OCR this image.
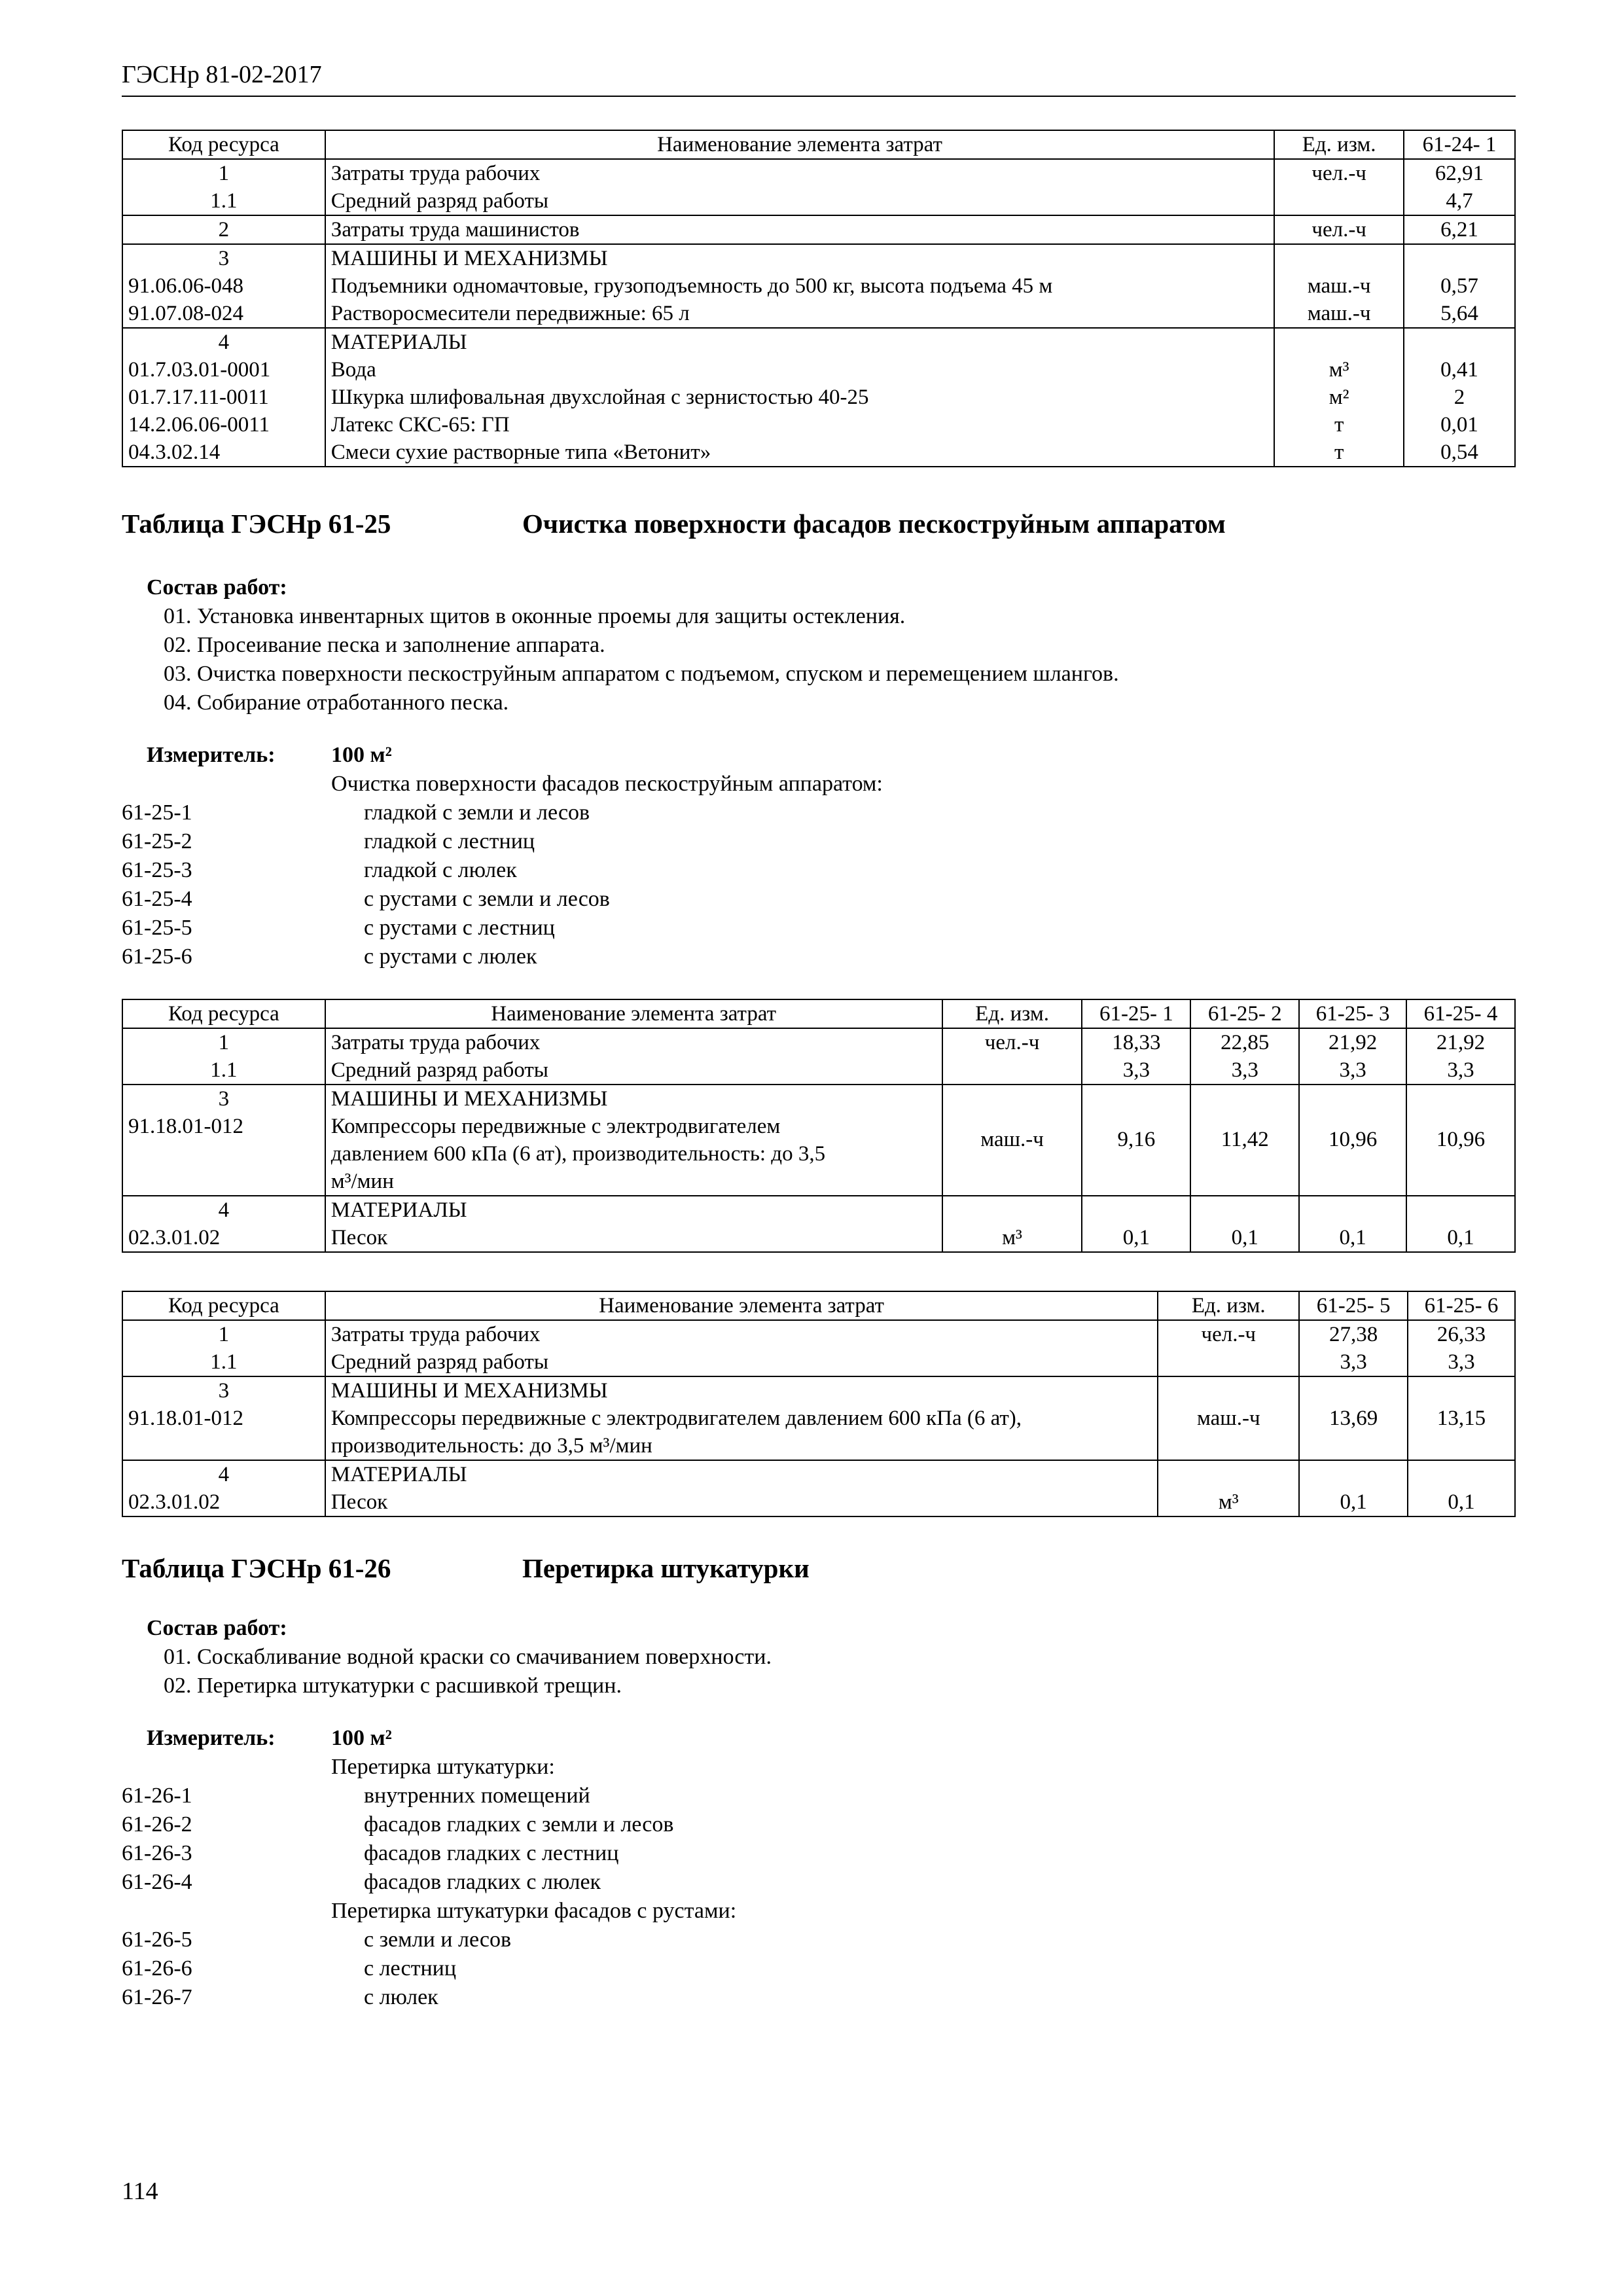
ГЭСНр 81-02-2017
Код ресурса	Наименование элемента затрат	Ед. изм.	61-24- 1
1	Затраты труда рабочих	чел.-ч	62,91
1.1	Средний разряд работы		4,7
2	Затраты труда машинистов	чел.-ч	6,21
3	МАШИНЫ И МЕХАНИЗМЫ		
91.06.06-048	Подъемники одномачтовые, грузоподъемность до 500 кг, высота подъема 45 м	маш.-ч	0,57
91.07.08-024	Растворосмесители передвижные: 65 л	маш.-ч	5,64
4	МАТЕРИАЛЫ		
01.7.03.01-0001	Вода	м³	0,41
01.7.17.11-0011	Шкурка шлифовальная двухслойная с зернистостью 40-25	м²	2
14.2.06.06-0011	Латекс СКС-65: ГП	т	0,01
04.3.02.14	Смеси сухие растворные типа «Ветонит»	т	0,54
Таблица ГЭСНр 61-25	Очистка поверхности фасадов пескоструйным аппаратом
Состав работ:
01. Установка инвентарных щитов в оконные проемы для защиты остекления.
02. Просеивание песка и заполнение аппарата.
03. Очистка поверхности пескоструйным аппаратом с подъемом, спуском и перемещением шлангов.
04. Собирание отработанного песка.
Измеритель:	100 м²
Очистка поверхности фасадов пескоструйным аппаратом:
61-25-1	гладкой с земли и лесов
61-25-2	гладкой с лестниц
61-25-3	гладкой с люлек
61-25-4	с рустами с земли и лесов
61-25-5	с рустами с лестниц
61-25-6	с рустами с люлек
Код ресурса	Наименование элемента затрат	Ед. изм.	61-25- 1	61-25- 2	61-25- 3	61-25- 4
1	Затраты труда рабочих	чел.-ч	18,33	22,85	21,92	21,92
1.1	Средний разряд работы		3,3	3,3	3,3	3,3
3	МАШИНЫ И МЕХАНИЗМЫ					
91.18.01-012	Компрессоры передвижные с электродвигателем
давлением 600 кПа (6 ат), производительность: до 3,5
м³/мин	маш.-ч	9,16	11,42	10,96	10,96
4	МАТЕРИАЛЫ					
02.3.01.02	Песок	м³	0,1	0,1	0,1	0,1
Код ресурса	Наименование элемента затрат	Ед. изм.	61-25- 5	61-25- 6
1	Затраты труда рабочих	чел.-ч	27,38	26,33
1.1	Средний разряд работы		3,3	3,3
3	МАШИНЫ И МЕХАНИЗМЫ			
91.18.01-012	Компрессоры передвижные с электродвигателем давлением 600 кПа (6 ат),
производительность: до 3,5 м³/мин	маш.-ч	13,69	13,15
4	МАТЕРИАЛЫ			
02.3.01.02	Песок	м³	0,1	0,1
Таблица ГЭСНр 61-26	Перетирка штукатурки
Состав работ:
01. Соскабливание водной краски со смачиванием поверхности.
02. Перетирка штукатурки с расшивкой трещин.
Измеритель:	100 м²
Перетирка штукатурки:
61-26-1	внутренних помещений
61-26-2	фасадов гладких с земли и лесов
61-26-3	фасадов гладких с лестниц
61-26-4	фасадов гладких с люлек
Перетирка штукатурки фасадов с рустами:
61-26-5	с земли и лесов
61-26-6	с лестниц
61-26-7	с люлек
114
